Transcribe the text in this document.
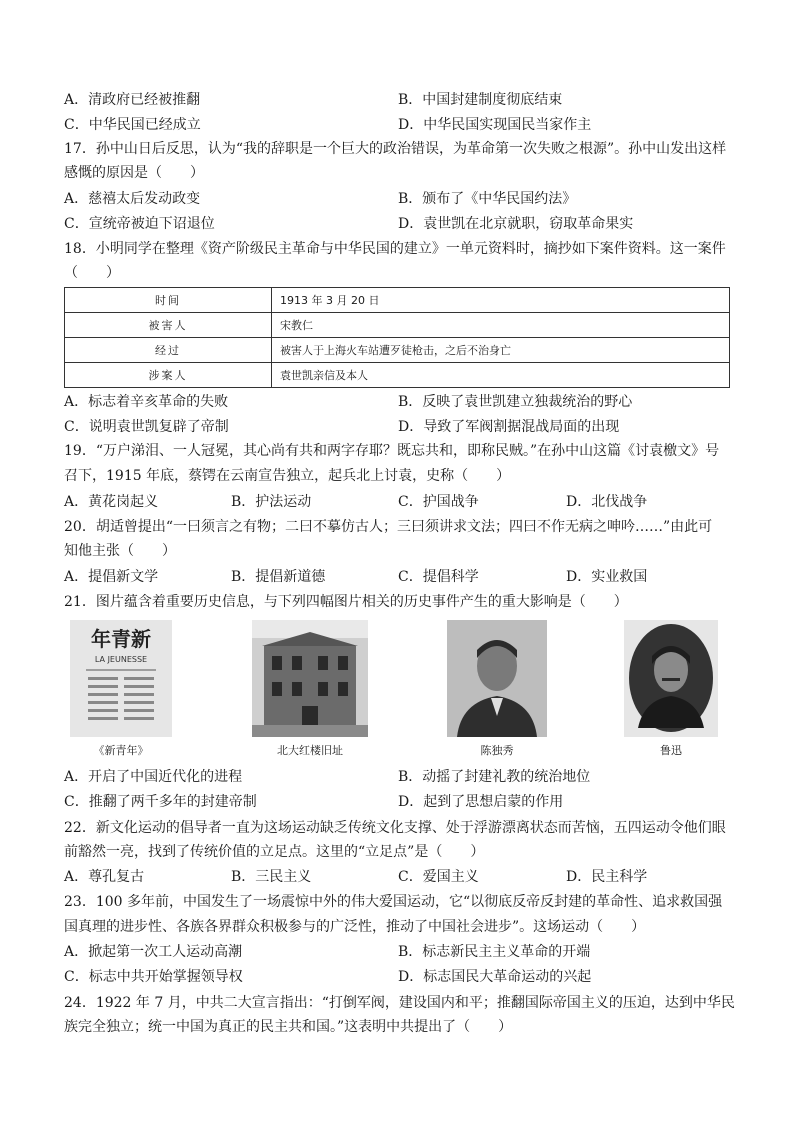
A．清政府已经被推翻	B．中国封建制度彻底结束
C．中华民国已经成立	D．中华民国实现国民当家作主
17．孙中山日后反思，认为“我的辞职是一个巨大的政治错误，为革命第一次失败之根源”。孙中山发出这样
感慨的原因是（　　）
A．慈禧太后发动政变	B．颁布了《中华民国约法》
C．宣统帝被迫下诏退位	D．袁世凯在北京就职，窃取革命果实
18．小明同学在整理《资产阶级民主革命与中华民国的建立》一单元资料时，摘抄如下案件资料。这一案件
（　　）
时间	1913 年 3 月 20 日
被害人	宋教仁
经过	被害人于上海火车站遭歹徒枪击，之后不治身亡
涉案人	袁世凯亲信及本人
A．标志着辛亥革命的失败	B．反映了袁世凯建立独裁统治的野心
C．说明袁世凯复辟了帝制	D．导致了军阀割据混战局面的出现
19．“万户涕泪、一人冠冕，其心尚有共和两字存耶？既忘共和，即称民贼。”在孙中山这篇《讨袁檄文》号
召下，1915 年底，蔡锷在云南宣告独立，起兵北上讨袁，史称（　　）
A．黄花岗起义	B．护法运动	C．护国战争	D．北伐战争
20．胡适曾提出“一曰须言之有物；二曰不摹仿古人；三曰须讲求文法；四曰不作无病之呻吟……”由此可
知他主张（　　）
A．提倡新文学	B．提倡新道德	C．提倡科学	D．实业救国
21．图片蕴含着重要历史信息，与下列四幅图片相关的历史事件产生的重大影响是（　　）
年青新
LA JEUNESSE
《新青年》	北大红楼旧址	陈独秀	鲁迅
A．开启了中国近代化的进程	B．动摇了封建礼教的统治地位
C．推翻了两千多年的封建帝制	D．起到了思想启蒙的作用
22．新文化运动的倡导者一直为这场运动缺乏传统文化支撑、处于浮游漂离状态而苦恼，五四运动令他们眼
前豁然一亮，找到了传统价值的立足点。这里的“立足点”是（　　）
A．尊孔复古	B．三民主义	C．爱国主义	D．民主科学
23．100 多年前，中国发生了一场震惊中外的伟大爱国运动，它“以彻底反帝反封建的革命性、追求救国强
国真理的进步性、各族各界群众积极参与的广泛性，推动了中国社会进步”。这场运动（　　）
A．掀起第一次工人运动高潮	B．标志新民主主义革命的开端
C．标志中共开始掌握领导权	D．标志国民大革命运动的兴起
24．1922 年 7 月，中共二大宣言指出：“打倒军阀，建设国内和平；推翻国际帝国主义的压迫，达到中华民
族完全独立；统一中国为真正的民主共和国。”这表明中共提出了（　　）
